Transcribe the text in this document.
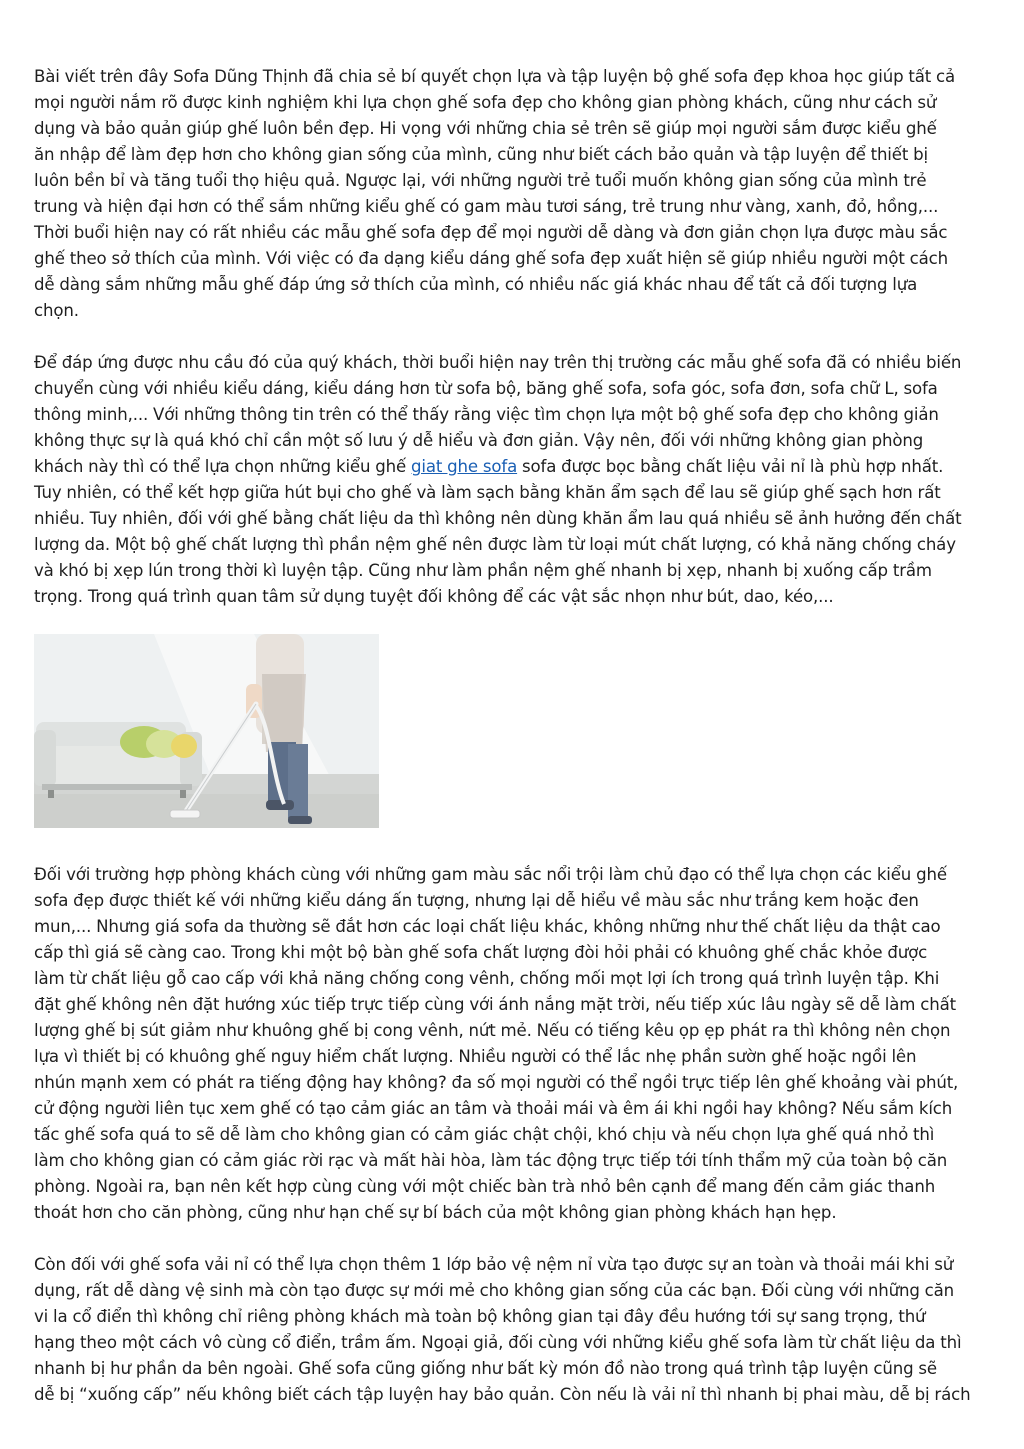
Bài viết trên đây Sofa Dũng Thịnh đã chia sẻ bí quyết chọn lựa và tập luyện bộ ghế sofa đẹp khoa học giúp tất cả
mọi người nắm rõ được kinh nghiệm khi lựa chọn ghế sofa đẹp cho không gian phòng khách, cũng như cách sử
dụng và bảo quản giúp ghế luôn bền đẹp. Hi vọng với những chia sẻ trên sẽ giúp mọi người sắm được kiểu ghế
ăn nhập để làm đẹp hơn cho không gian sống của mình, cũng như biết cách bảo quản và tập luyện để thiết bị
luôn bền bỉ và tăng tuổi thọ hiệu quả. Ngược lại, với những người trẻ tuổi muốn không gian sống của mình trẻ
trung và hiện đại hơn có thể sắm những kiểu ghế có gam màu tươi sáng, trẻ trung như vàng, xanh, đỏ, hồng,...
Thời buổi hiện nay có rất nhiều các mẫu ghế sofa đẹp để mọi người dễ dàng và đơn giản chọn lựa được màu sắc
ghế theo sở thích của mình. Với việc có đa dạng kiểu dáng ghế sofa đẹp xuất hiện sẽ giúp nhiều người một cách
dễ dàng sắm những mẫu ghế đáp ứng sở thích của mình, có nhiều nấc giá khác nhau để tất cả đối tượng lựa
chọn.

Để đáp ứng được nhu cầu đó của quý khách, thời buổi hiện nay trên thị trường các mẫu ghế sofa đã có nhiều biến
chuyển cùng với nhiều kiểu dáng, kiểu dáng hơn từ sofa bộ, băng ghế sofa, sofa góc, sofa đơn, sofa chữ L, sofa
thông minh,... Với những thông tin trên có thể thấy rằng việc tìm chọn lựa một bộ ghế sofa đẹp cho không giản
không thực sự là quá khó chỉ cần một số lưu ý dễ hiểu và đơn giản. Vậy nên, đối với những không gian phòng
khách này thì có thể lựa chọn những kiểu ghế giat ghe sofa sofa được bọc bằng chất liệu vải nỉ là phù hợp nhất.
Tuy nhiên, có thể kết hợp giữa hút bụi cho ghế và làm sạch bằng khăn ẩm sạch để lau sẽ giúp ghế sạch hơn rất
nhiều. Tuy nhiên, đối với ghế bằng chất liệu da thì không nên dùng khăn ẩm lau quá nhiều sẽ ảnh hưởng đến chất
lượng da. Một bộ ghế chất lượng thì phần nệm ghế nên được làm từ loại mút chất lượng, có khả năng chống cháy
và khó bị xẹp lún trong thời kì luyện tập. Cũng như làm phần nệm ghế nhanh bị xẹp, nhanh bị xuống cấp trầm
trọng. Trong quá trình quan tâm sử dụng tuyệt đối không để các vật sắc nhọn như bút, dao, kéo,...

Đối với trường hợp phòng khách cùng với những gam màu sắc nổi trội làm chủ đạo có thể lựa chọn các kiểu ghế
sofa đẹp được thiết kế với những kiểu dáng ấn tượng, nhưng lại dễ hiểu về màu sắc như trắng kem hoặc đen
mun,... Nhưng giá sofa da thường sẽ đắt hơn các loại chất liệu khác, không những như thế chất liệu da thật cao
cấp thì giá sẽ càng cao. Trong khi một bộ bàn ghế sofa chất lượng đòi hỏi phải có khuông ghế chắc khỏe được
làm từ chất liệu gỗ cao cấp với khả năng chống cong vênh, chống mối mọt lợi ích trong quá trình luyện tập. Khi
đặt ghế không nên đặt hướng xúc tiếp trực tiếp cùng với ánh nắng mặt trời, nếu tiếp xúc lâu ngày sẽ dễ làm chất
lượng ghế bị sút giảm như khuông ghế bị cong vênh, nứt mẻ. Nếu có tiếng kêu ọp ẹp phát ra thì không nên chọn
lựa vì thiết bị có khuông ghế nguy hiểm chất lượng. Nhiều người có thể lắc nhẹ phần sườn ghế hoặc ngồi lên
nhún mạnh xem có phát ra tiếng động hay không? đa số mọi người có thể ngồi trực tiếp lên ghế khoảng vài phút,
cử động người liên tục xem ghế có tạo cảm giác an tâm và thoải mái và êm ái khi ngồi hay không? Nếu sắm kích
tấc ghế sofa quá to sẽ dễ làm cho không gian có cảm giác chật chội, khó chịu và nếu chọn lựa ghế quá nhỏ thì
làm cho không gian có cảm giác rời rạc và mất hài hòa, làm tác động trực tiếp tới tính thẩm mỹ của toàn bộ căn
phòng. Ngoài ra, bạn nên kết hợp cùng cùng với một chiếc bàn trà nhỏ bên cạnh để mang đến cảm giác thanh
thoát hơn cho căn phòng, cũng như hạn chế sự bí bách của một không gian phòng khách hạn hẹp.

Còn đối với ghế sofa vải nỉ có thể lựa chọn thêm 1 lớp bảo vệ nệm nỉ vừa tạo được sự an toàn và thoải mái khi sử
dụng, rất dễ dàng vệ sinh mà còn tạo được sự mới mẻ cho không gian sống của các bạn. Đối cùng với những căn
vi la cổ điển thì không chỉ riêng phòng khách mà toàn bộ không gian tại đây đều hướng tới sự sang trọng, thứ
hạng theo một cách vô cùng cổ điển, trầm ấm. Ngoại giả, đối cùng với những kiểu ghế sofa làm từ chất liệu da thì
nhanh bị hư phần da bên ngoài. Ghế sofa cũng giống như bất kỳ món đồ nào trong quá trình tập luyện cũng sẽ
dễ bị “xuống cấp” nếu không biết cách tập luyện hay bảo quản. Còn nếu là vải nỉ thì nhanh bị phai màu, dễ bị rách
